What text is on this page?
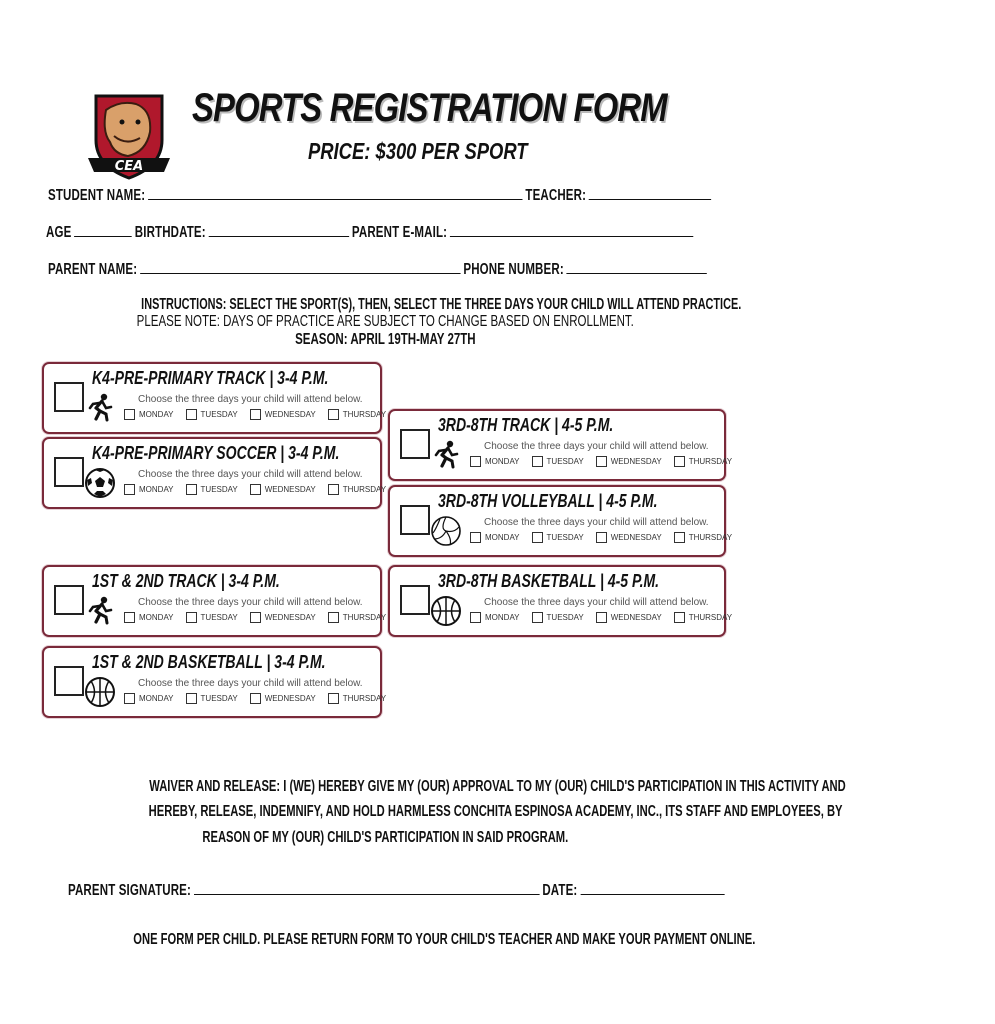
CEA
SPORTS REGISTRATION FORM
PRICE: $300 PER SPORT
STUDENT NAME:	TEACHER:
AGE	BIRTHDATE:	PARENT E-MAIL:
PARENT NAME:	PHONE NUMBER:
INSTRUCTIONS: SELECT THE SPORT(S), THEN, SELECT THE THREE DAYS YOUR CHILD WILL ATTEND PRACTICE.
PLEASE NOTE: DAYS OF PRACTICE ARE SUBJECT TO CHANGE BASED ON ENROLLMENT.
SEASON: APRIL 19TH-MAY 27TH
K4-PRE-PRIMARY TRACK | 3-4 P.M.
Choose the three days your child will attend below.
MONDAY	TUESDAY	WEDNESDAY	THURSDAY
K4-PRE-PRIMARY SOCCER | 3-4 P.M.
Choose the three days your child will attend below.
MONDAY	TUESDAY	WEDNESDAY	THURSDAY
1ST & 2ND TRACK | 3-4 P.M.
Choose the three days your child will attend below.
MONDAY	TUESDAY	WEDNESDAY	THURSDAY
1ST & 2ND BASKETBALL | 3-4 P.M.
Choose the three days your child will attend below.
MONDAY	TUESDAY	WEDNESDAY	THURSDAY
3RD-8TH TRACK | 4-5 P.M.
Choose the three days your child will attend below.
MONDAY	TUESDAY	WEDNESDAY	THURSDAY
3RD-8TH VOLLEYBALL | 4-5 P.M.
Choose the three days your child will attend below.
MONDAY	TUESDAY	WEDNESDAY	THURSDAY
3RD-8TH BASKETBALL | 4-5 P.M.
Choose the three days your child will attend below.
MONDAY	TUESDAY	WEDNESDAY	THURSDAY
WAIVER AND RELEASE: I (WE) HEREBY GIVE MY (OUR) APPROVAL TO MY (OUR) CHILD'S PARTICIPATION IN THIS ACTIVITY AND
HEREBY, RELEASE, INDEMNIFY, AND HOLD HARMLESS CONCHITA ESPINOSA ACADEMY, INC., ITS STAFF AND EMPLOYEES, BY
REASON OF MY (OUR) CHILD'S PARTICIPATION IN SAID PROGRAM.
PARENT SIGNATURE:	DATE:
ONE FORM PER CHILD. PLEASE RETURN FORM TO YOUR CHILD'S TEACHER AND MAKE YOUR PAYMENT ONLINE.
